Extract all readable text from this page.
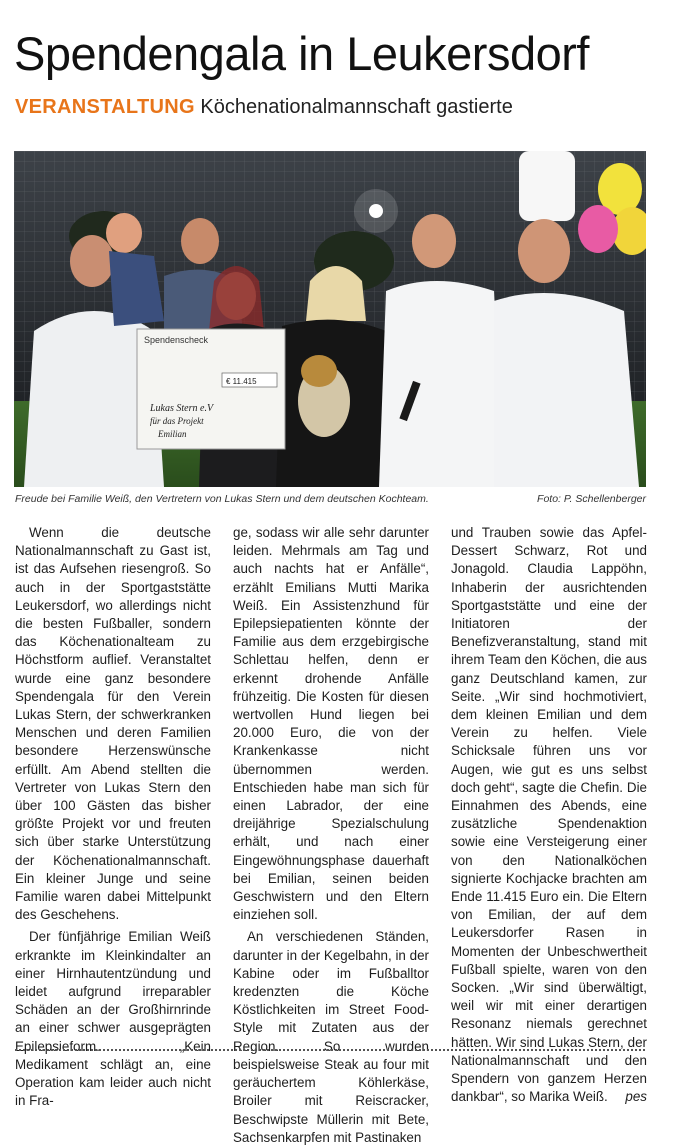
Spendengala in Leukersdorf
VERANSTALTUNG Köchenationalmannschaft gastierte
Spendenscheck
€ 11.415
Lukas Stern e.V
für das Projekt
Emilian
Freude bei Familie Weiß, den Vertretern von Lukas Stern und dem deutschen Kochteam.	Foto: P. Schellenberger

Wenn die deutsche Nationalmannschaft zu Gast ist, ist das Aufsehen riesengroß. So auch in der Sportgaststätte Leukersdorf, wo allerdings nicht die besten Fußballer, sondern das Köchenationalteam zu Höchstform auflief. Veranstaltet wurde eine ganz besondere Spendengala für den Verein Lukas Stern, der schwerkranken Menschen und deren Familien besondere Herzenswünsche erfüllt. Am Abend stellten die Vertreter von Lukas Stern den über 100 Gästen das bisher größte Projekt vor und freuten sich über starke Unterstützung der Köchenationalmannschaft. Ein kleiner Junge und seine Familie waren dabei Mittelpunkt des Geschehens.

Der fünfjährige Emilian Weiß erkrankte im Kleinkindalter an einer Hirnhautentzündung und leidet aufgrund irreparabler Schäden an der Großhirnrinde an einer schwer ausgeprägten Epilepsieform. „Kein Medikament schlägt an, eine Operation kam leider auch nicht in Fra-

ge, sodass wir alle sehr darunter leiden. Mehrmals am Tag und auch nachts hat er Anfälle“, erzählt Emilians Mutti Marika Weiß. Ein Assistenzhund für Epilepsiepatienten könnte der Familie aus dem erzgebirgische Schlettau helfen, denn er erkennt drohende Anfälle frühzeitig. Die Kosten für diesen wertvollen Hund liegen bei 20.000 Euro, die von der Krankenkasse nicht übernommen werden. Entschieden habe man sich für einen Labrador, der eine dreijährige Spezialschulung erhält, und nach einer Eingewöhnungsphase dauerhaft bei Emilian, seinen beiden Geschwistern und den Eltern einziehen soll.

An verschiedenen Ständen, darunter in der Kegelbahn, in der Kabine oder im Fußballtor kredenzten die Köche Köstlichkeiten im Street Food-Style mit Zutaten aus der Region. So wurden beispielsweise Steak au four mit geräuchertem Köhlerkäse, Broiler mit Reiscracker, Beschwipste Müllerin mit Bete, Sachsenkarpfen mit Pastinaken

und Trauben sowie das Apfel-Dessert Schwarz, Rot und Jonagold. Claudia Lappöhn, Inhaberin der ausrichtenden Sportgaststätte und eine der Initiatoren der Benefizveranstaltung, stand mit ihrem Team den Köchen, die aus ganz Deutschland kamen, zur Seite. „Wir sind hochmotiviert, dem kleinen Emilian und dem Verein zu helfen. Viele Schicksale führen uns vor Augen, wie gut es uns selbst doch geht“, sagte die Chefin. Die Einnahmen des Abends, eine zusätzliche Spendenaktion sowie eine Versteigerung einer von den Nationalköchen signierte Kochjacke brachten am Ende 11.415 Euro ein. Die Eltern von Emilian, der auf dem Leukersdorfer Rasen in Momenten der Unbeschwertheit Fußball spielte, waren von den Socken. „Wir sind überwältigt, weil wir mit einer derartigen Resonanz niemals gerechnet hätten. Wir sind Lukas Stern, der Nationalmannschaft und den Spendern von ganzem Herzen dankbar“, so Marika Weiß. pes
